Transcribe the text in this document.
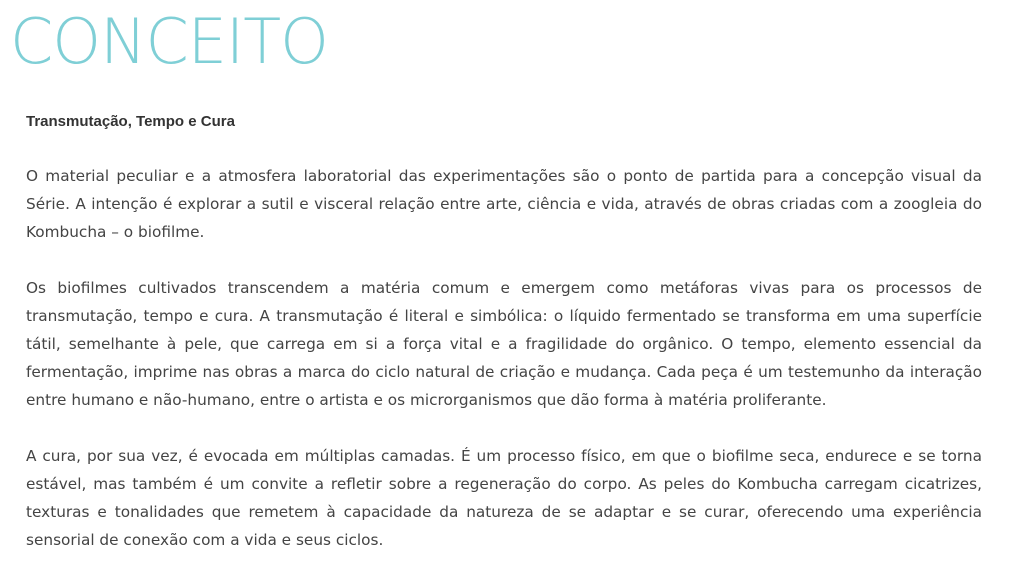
CONCEITO
Transmutação, Tempo e Cura

O material peculiar e a atmosfera laboratorial das experimentações são o ponto de partida para a concepção visual da Série. A intenção é explorar a sutil e visceral relação entre arte, ciência e vida, através de obras criadas com a zoogleia do Kombucha – o biofilme.

Os biofilmes cultivados transcendem a matéria comum e emergem como metáforas vivas para os processos de transmutação, tempo e cura. A transmutação é literal e simbólica: o líquido fermentado se transforma em uma superfície tátil, semelhante à pele, que carrega em si a força vital e a fragilidade do orgânico. O tempo, elemento essencial da fermentação, imprime nas obras a marca do ciclo natural de criação e mudança. Cada peça é um testemunho da interação entre humano e não-humano, entre o artista e os microrganismos que dão forma à matéria proliferante.

A cura, por sua vez, é evocada em múltiplas camadas. É um processo físico, em que o biofilme seca, endurece e se torna estável, mas também é um convite a refletir sobre a regeneração do corpo. As peles do Kombucha carregam cicatrizes, texturas e tonalidades que remetem à capacidade da natureza de se adaptar e se curar, oferecendo uma experiência sensorial de conexão com a vida e seus ciclos.
